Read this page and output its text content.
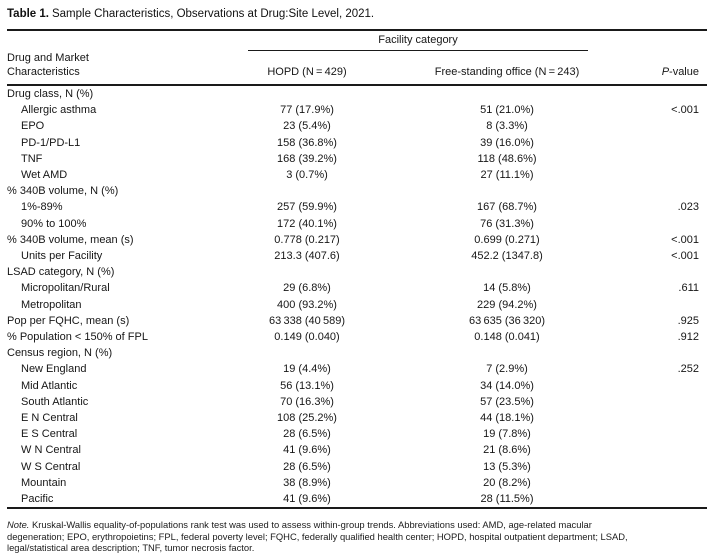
Table 1. Sample Characteristics, Observations at Drug:Site Level, 2021.

Drug and Market
Characteristics	Facility category		

	HOPD (N = 429)	Free-standing office (N = 243)	P-value
Drug class, N (%)			
Allergic asthma	77 (17.9%)	51 (21.0%)	<.001
EPO	23 (5.4%)	8 (3.3%)	
PD-1/PD-L1	158 (36.8%)	39 (16.0%)	
TNF	168 (39.2%)	118 (48.6%)	
Wet AMD	3 (0.7%)	27 (11.1%)	
% 340B volume, N (%)			
1%-89%	257 (59.9%)	167 (68.7%)	.023
90% to 100%	172 (40.1%)	76 (31.3%)	
% 340B volume, mean (s)	0.778 (0.217)	0.699 (0.271)	<.001
Units per Facility	213.3 (407.6)	452.2 (1347.8)	<.001
LSAD category, N (%)			
Micropolitan/Rural	29 (6.8%)	14 (5.8%)	.611
Metropolitan	400 (93.2%)	229 (94.2%)	
Pop per FQHC, mean (s)	63 338 (40 589)	63 635 (36 320)	.925
% Population < 150% of FPL	0.149 (0.040)	0.148 (0.041)	.912
Census region, N (%)			
New England	19 (4.4%)	7 (2.9%)	.252
Mid Atlantic	56 (13.1%)	34 (14.0%)	
South Atlantic	70 (16.3%)	57 (23.5%)	
E N Central	108 (25.2%)	44 (18.1%)	
E S Central	28 (6.5%)	19 (7.8%)	
W N Central	41 (9.6%)	21 (8.6%)	
W S Central	28 (6.5%)	13 (5.3%)	
Mountain	38 (8.9%)	20 (8.2%)	
Pacific	41 (9.6%)	28 (11.5%)	

Note. Kruskal-Wallis equality-of-populations rank test was used to assess within-group trends. Abbreviations used: AMD, age-related macular
degeneration; EPO, erythropoietins; FPL, federal poverty level; FQHC, federally qualified health center; HOPD, hospital outpatient department; LSAD,
legal/statistical area description; TNF, tumor necrosis factor.
